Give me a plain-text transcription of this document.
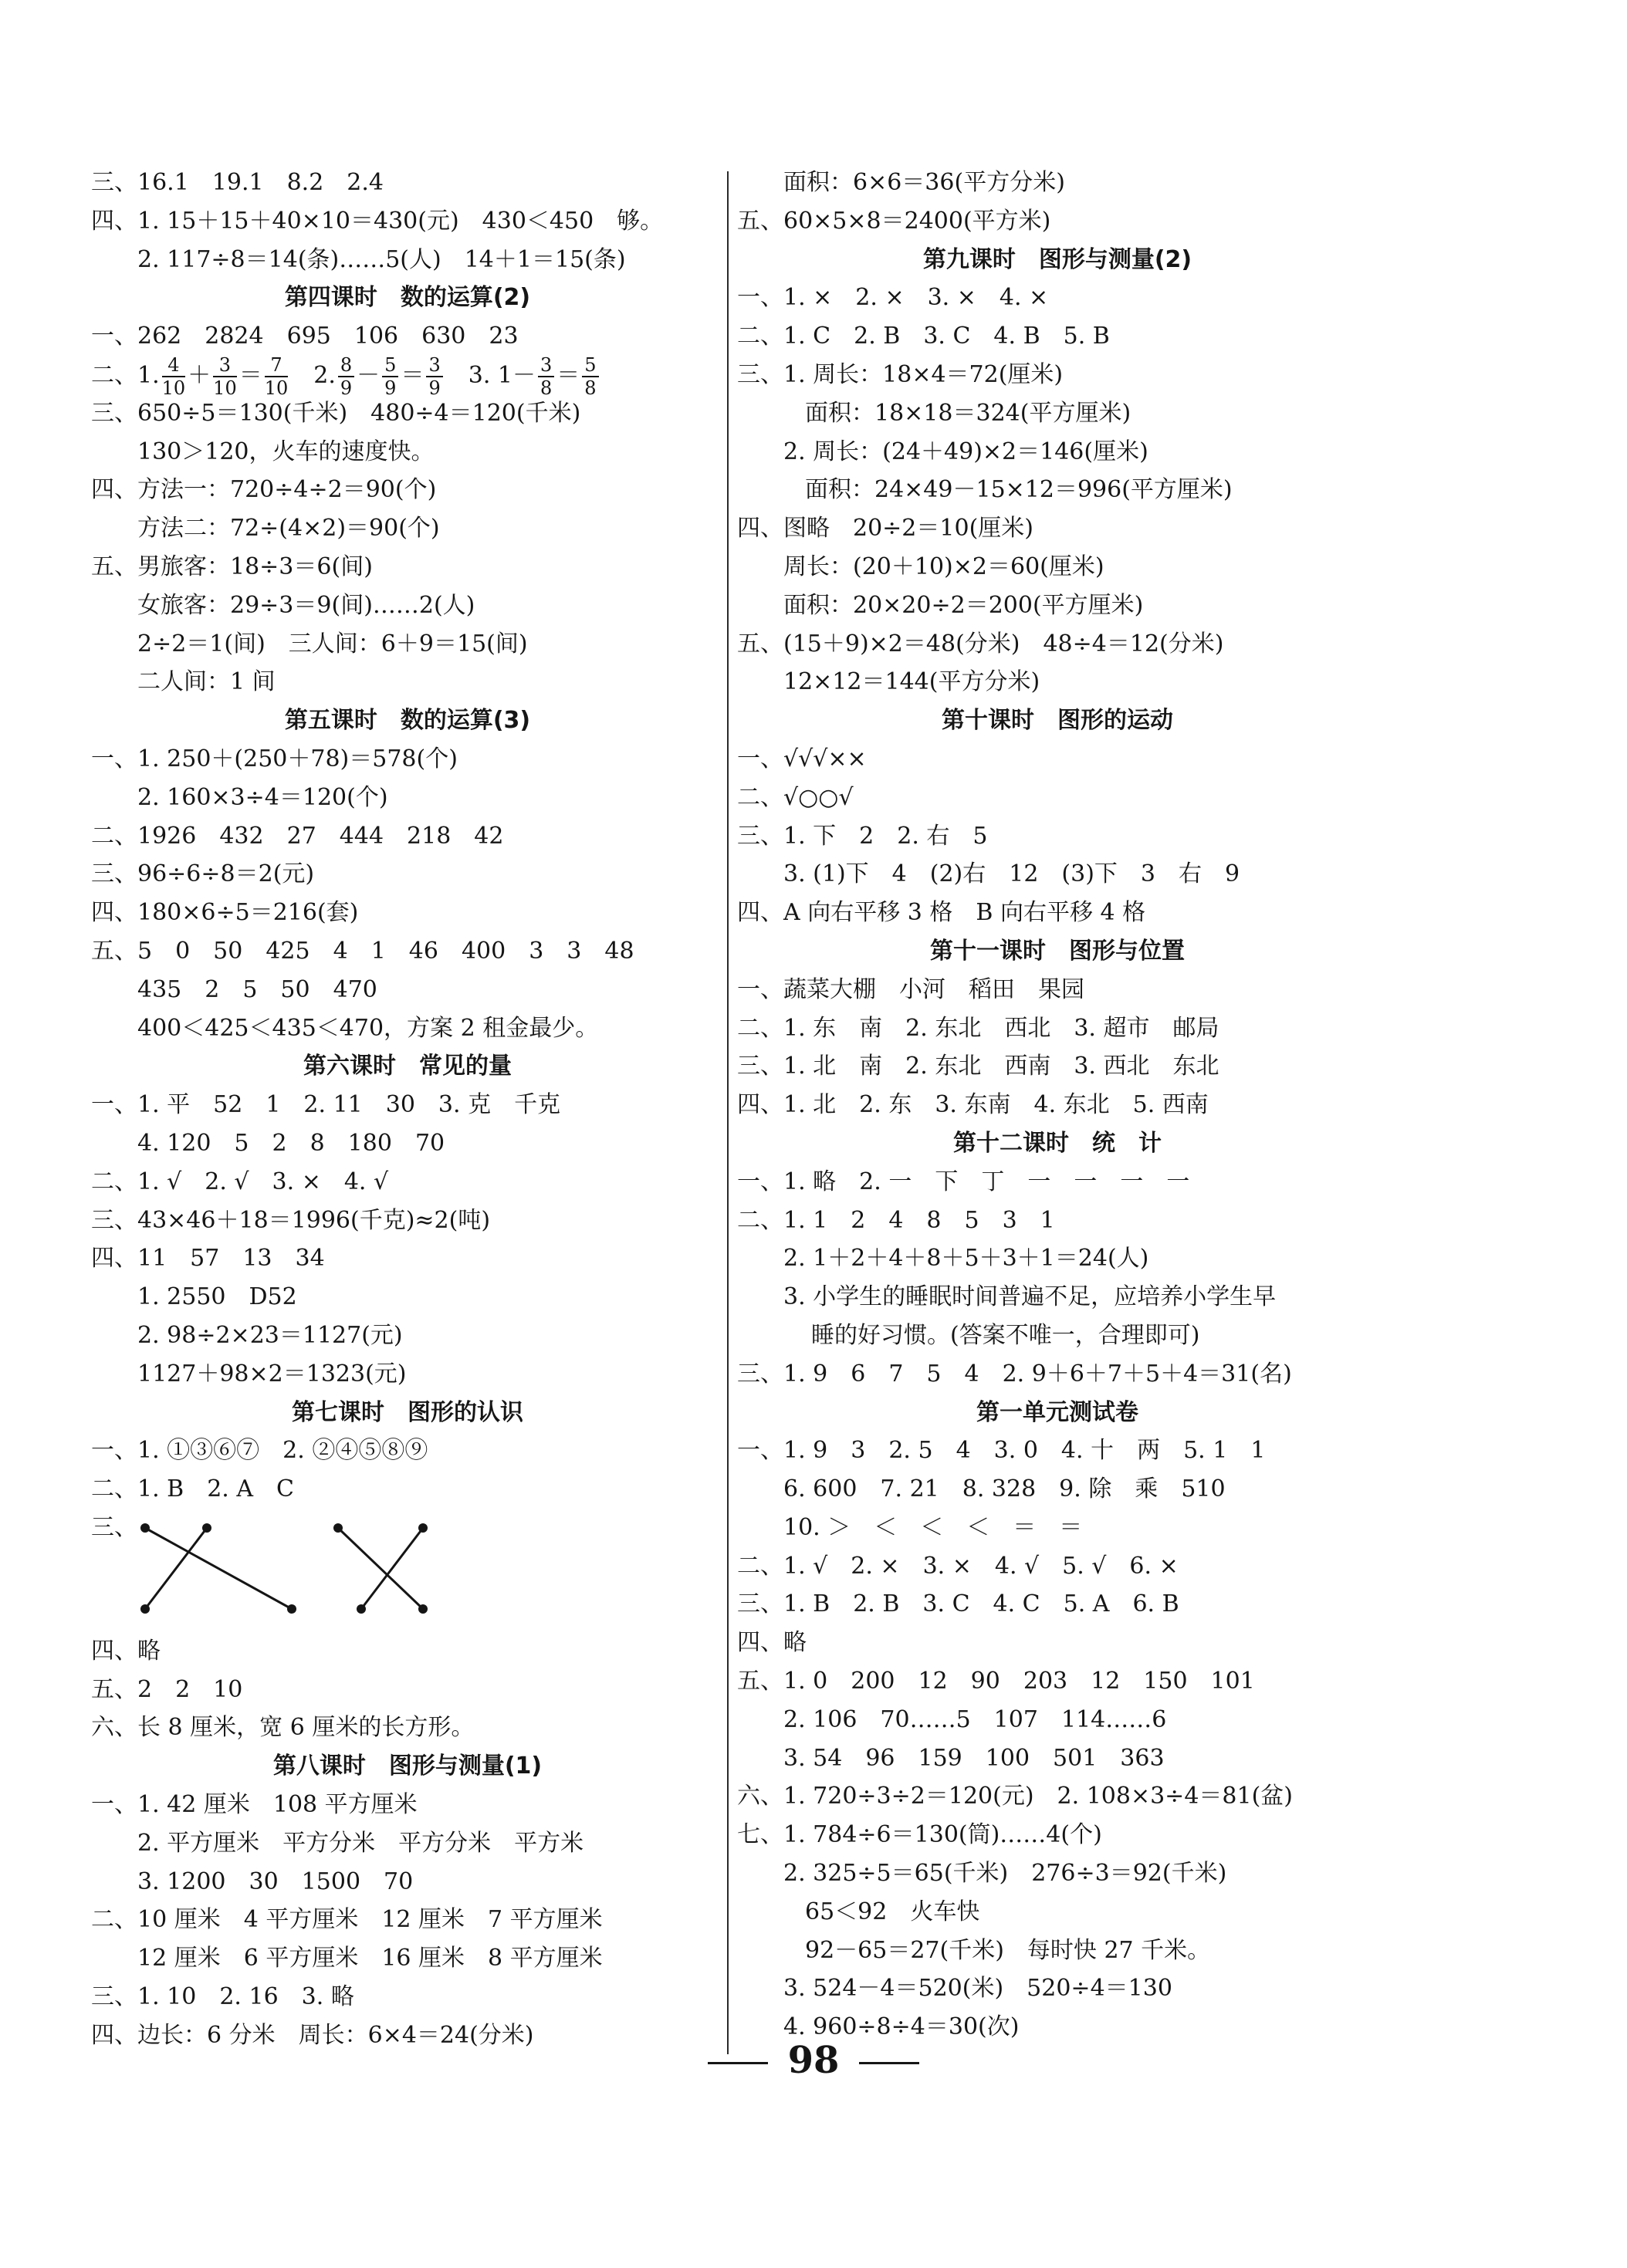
三、16.1　19.1　8.2　2.4
四、1. 15＋15＋40×10＝430(元)　430＜450　够。
2. 117÷8＝14(条)……5(人)　14＋1＝15(条)
第四课时　数的运算(2)
一、262　2824　695　106　630　23
二、1. $\frac{4}{10} + \frac{3}{10} = \frac{7}{10}$ 　2. $\frac{8}{9} - \frac{5}{9} = \frac{3}{9}$ 　3. $1- \frac{3}{8} = \frac{5}{8}$
三、650÷5＝130(千米)　480÷4＝120(千米)
130＞120，火车的速度快。
四、方法一：720÷4÷2＝90(个)
方法二：72÷(4×2)＝90(个)
五、男旅客：18÷3＝6(间)
女旅客：29÷3＝9(间)……2(人)
2÷2＝1(间)　三人间：6＋9＝15(间)
二人间：1 间
第五课时　数的运算(3)
一、1. 250＋(250＋78)＝578(个)
2. 160×3÷4＝120(个)
二、1926　432　27　444　218　42
三、96÷6÷8＝2(元)
四、180×6÷5＝216(套)
五、5　0　50　425　4　1　46　400　3　3　48
435　2　5　50　470
400＜425＜435＜470，方案 2 租金最少。
第六课时　常见的量
一、1. 平　52　1　2. 11　30　3. 克　千克
4. 120　5　2　8　180　70
二、1. √　2. √　3. ×　4. √
三、43×46＋18＝1996(千克)≈2(吨)
四、11　57　13　34
1. 2550　D52
2. 98÷2×23＝1127(元)
1127＋98×2＝1323(元)
第七课时　图形的认识
一、1. ①③⑥⑦　2. ②④⑤⑧⑨
二、1. B　2. A　C
三、
四、略
五、2　2　10
六、长 8 厘米，宽 6 厘米的长方形。
第八课时　图形与测量(1)
一、1. 42 厘米　108 平方厘米
2. 平方厘米　平方分米　平方分米　平方米
3. 1200　30　1500　70
二、10 厘米　4 平方厘米　12 厘米　7 平方厘米
12 厘米　6 平方厘米　16 厘米　8 平方厘米
三、1. 10　2. 16　3. 略
四、边长：6 分米　周长：6×4＝24(分米)
面积：6×6＝36(平方分米)
五、60×5×8＝2400(平方米)
第九课时　图形与测量(2)
一、1. ×　2. ×　3. ×　4. ×
二、1. C　2. B　3. C　4. B　5. B
三、1. 周长：18×4＝72(厘米)
面积：18×18＝324(平方厘米)
2. 周长：(24＋49)×2＝146(厘米)
面积：24×49－15×12＝996(平方厘米)
四、图略　20÷2＝10(厘米)
周长：(20＋10)×2＝60(厘米)
面积：20×20÷2＝200(平方厘米)
五、(15＋9)×2＝48(分米)　48÷4＝12(分米)
12×12＝144(平方分米)
第十课时　图形的运动
一、√√√××
二、√○○√
三、1. 下　2　2. 右　5
3. (1)下　4　(2)右　12　(3)下　3　右　9
四、A 向右平移 3 格　B 向右平移 4 格
第十一课时　图形与位置
一、蔬菜大棚　小河　稻田　果园
二、1. 东　南　2. 东北　西北　3. 超市　邮局
三、1. 北　南　2. 东北　西南　3. 西北　东北
四、1. 北　2. 东　3. 东南　4. 东北　5. 西南
第十二课时　统　计
一、1. 略　2. 一　下　丁　一　一　一　一
二、1. 1　2　4　8　5　3　1
2. 1＋2＋4＋8＋5＋3＋1＝24(人)
3. 小学生的睡眠时间普遍不足，应培养小学生早
睡的好习惯。(答案不唯一，合理即可)
三、1. 9　6　7　5　4　2. 9＋6＋7＋5＋4＝31(名)
第一单元测试卷
一、1. 9　3　2. 5　4　3. 0　4. 十　两　5. 1　1
6. 600　7. 21　8. 328　9. 除　乘　510
10. ＞　＜　＜　＜　＝　＝
二、1. √　2. ×　3. ×　4. √　5. √　6. ×
三、1. B　2. B　3. C　4. C　5. A　6. B
四、略
五、1. 0　200　12　90　203　12　150　101
2. 106　70……5　107　114……6
3. 54　96　159　100　501　363
六、1. 720÷3÷2＝120(元)　2. 108×3÷4＝81(盆)
七、1. 784÷6＝130(筒)……4(个)
2. 325÷5＝65(千米)　276÷3＝92(千米)
65＜92　火车快
92－65＝27(千米)　每时快 27 千米。
3. 524－4＝520(米)　520÷4＝130
4. 960÷8÷4＝30(次)
98
